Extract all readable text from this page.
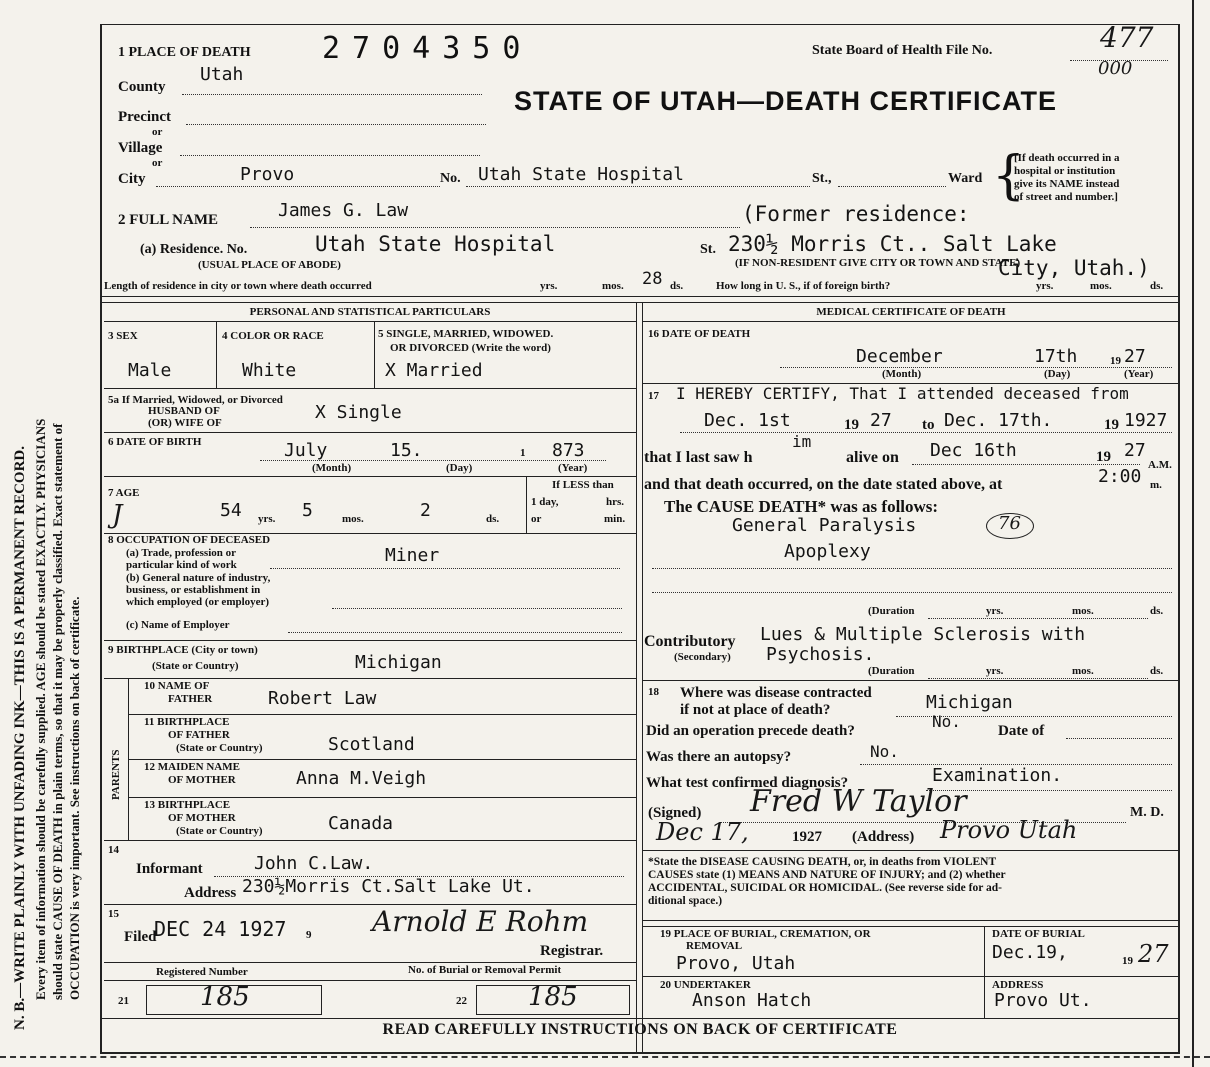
N. B.—WRITE PLAINLY WITH UNFADING INK—THIS IS A PERMANENT RECORD. Every item of information should be carefully supplied. AGE should be stated EXACTLY. PHYSICIANS should state CAUSE OF DEATH in plain terms, so that it may be properly classified. Exact statement of OCCUPATION is very important. See instructions on back of certificate.
1 PLACE OF DEATH 2704350	State Board of Health File No.	477
000
STATE OF UTAH—DEATH CERTIFICATE
County
Utah
Precinct
or
Village
or
City	Provo	No. Utah State Hospital	St.,	Ward {
[If death occurred in a
hospital or institution
give its NAME instead
of street and number.]
2 FULL NAME	James G. Law	(Former residence:
(a) Residence. No.	Utah State Hospital	St. 230½ Morris Ct.. Salt Lake
(USUAL PLACE OF ABODE)	(IF NON-RESIDENT GIVE CITY OR TOWN AND STATE)
City, Utah.)
Length of residence in city or town where death occurred	yrs.	mos. 28 ds.	How long in U. S., if of foreign birth?	yrs.	mos.	ds.
PERSONAL AND STATISTICAL PARTICULARS	MEDICAL CERTIFICATE OF DEATH
3 SEX
Male
4 COLOR OR RACE
White
5 SINGLE, MARRIED, WIDOWED.
OR DIVORCED (Write the word)
X Married
5a If Married, Widowed, or Divorced
HUSBAND OF
(OR) WIFE OF	X Single
6 DATE OF BIRTH	July	15.	1 873
(Month)	(Day)	(Year)
7 AGE
J	54 yrs. 5	mos.	2	ds.
If LESS than
1 day,	hrs.
or	min.
8 OCCUPATION OF DECEASED
(a) Trade, profession or
particular kind of work	Miner
(b) General nature of industry,
business, or establishment in
which employed (or employer)
(c) Name of Employer
9 BIRTHPLACE (City or town)
(State or Country)	Michigan
PARENTS
10 NAME OF
FATHER	Robert Law
11 BIRTHPLACE
OF FATHER
(State or Country)	Scotland
12 MAIDEN NAME
OF MOTHER	Anna M.Veigh
13 BIRTHPLACE
OF MOTHER
(State or Country)	Canada
14
Informant	John C.Law.
Address 230½Morris Ct.Salt Lake Ut.
15
Filed
DEC 24 1927 9 Arnold E Rohm
Registrar.
Registered Number	No. of Burial or Removal Permit
21	185	22 185
16 DATE OF DEATH
December	17th	19 27
(Month)	(Day)	(Year)
17 I HEREBY CERTIFY, That I attended deceased from
Dec. 1st	19 27 to Dec. 17th.	19 1927
that I last saw h
im
alive on Dec 16th	19 27
A.M.
and that death occurred, on the date stated above, at	2:00 m.
The CAUSE DEATH* was as follows:
General Paralysis	76
Apoplexy
(Duration	yrs.	mos.	ds.
Contributory
(Secondary)
Lues & Multiple Sclerosis with
Psychosis.
(Duration	yrs.	mos.	ds.
18 Where was disease contracted
if not at place of death?	Michigan
Did an operation precede death?	No. Date of
Was there an autopsy?	No.
What test confirmed diagnosis?	Examination.
(Signed) Fred W Taylor	M. D.
Dec 17,	1927 (Address) Provo Utah
*State the DISEASE CAUSING DEATH, or, in deaths from VIOLENT
CAUSES state (1) MEANS AND NATURE OF INJURY; and (2) whether
ACCIDENTAL, SUICIDAL OR HOMICIDAL. (See reverse side for ad-
ditional space.)
19 PLACE OF BURIAL, CREMATION, OR
REMOVAL
Provo, Utah
DATE OF BURIAL
Dec.19,	19 27
20 UNDERTAKER
Anson Hatch
ADDRESS
Provo Ut.
READ CAREFULLY INSTRUCTIONS ON BACK OF CERTIFICATE
